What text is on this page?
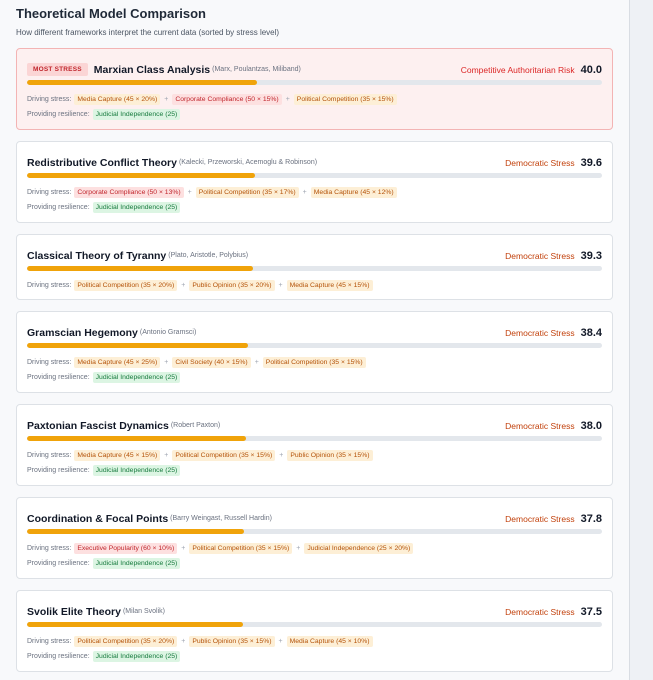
Theoretical Model Comparison
How different frameworks interpret the current data (sorted by stress level)
MOST STRESS Marxian Class Analysis (Marx, Poulantzas, Miliband)	Competitive Authoritarian Risk 40.0
Driving stress: Media Capture (45 × 20%) + Corporate Compliance (50 × 15%) + Political Competition (35 × 15%)
Providing resilience: Judicial Independence (25)
Redistributive Conflict Theory (Kalecki, Przeworski, Acemoglu & Robinson)	Democratic Stress 39.6
Driving stress: Corporate Compliance (50 × 13%) + Political Competition (35 × 17%) + Media Capture (45 × 12%)
Providing resilience: Judicial Independence (25)
Classical Theory of Tyranny (Plato, Aristotle, Polybius)	Democratic Stress 39.3
Driving stress: Political Competition (35 × 20%) + Public Opinion (35 × 20%) + Media Capture (45 × 15%)
Gramscian Hegemony (Antonio Gramsci)	Democratic Stress 38.4
Driving stress: Media Capture (45 × 25%) + Civil Society (40 × 15%) + Political Competition (35 × 15%)
Providing resilience: Judicial Independence (25)
Paxtonian Fascist Dynamics (Robert Paxton)	Democratic Stress 38.0
Driving stress: Media Capture (45 × 15%) + Political Competition (35 × 15%) + Public Opinion (35 × 15%)
Providing resilience: Judicial Independence (25)
Coordination & Focal Points (Barry Weingast, Russell Hardin)	Democratic Stress 37.8
Driving stress: Executive Popularity (60 × 10%) + Political Competition (35 × 15%) + Judicial Independence (25 × 20%)
Providing resilience: Judicial Independence (25)
Svolik Elite Theory (Milan Svolik)	Democratic Stress 37.5
Driving stress: Political Competition (35 × 20%) + Public Opinion (35 × 15%) + Media Capture (45 × 10%)
Providing resilience: Judicial Independence (25)
